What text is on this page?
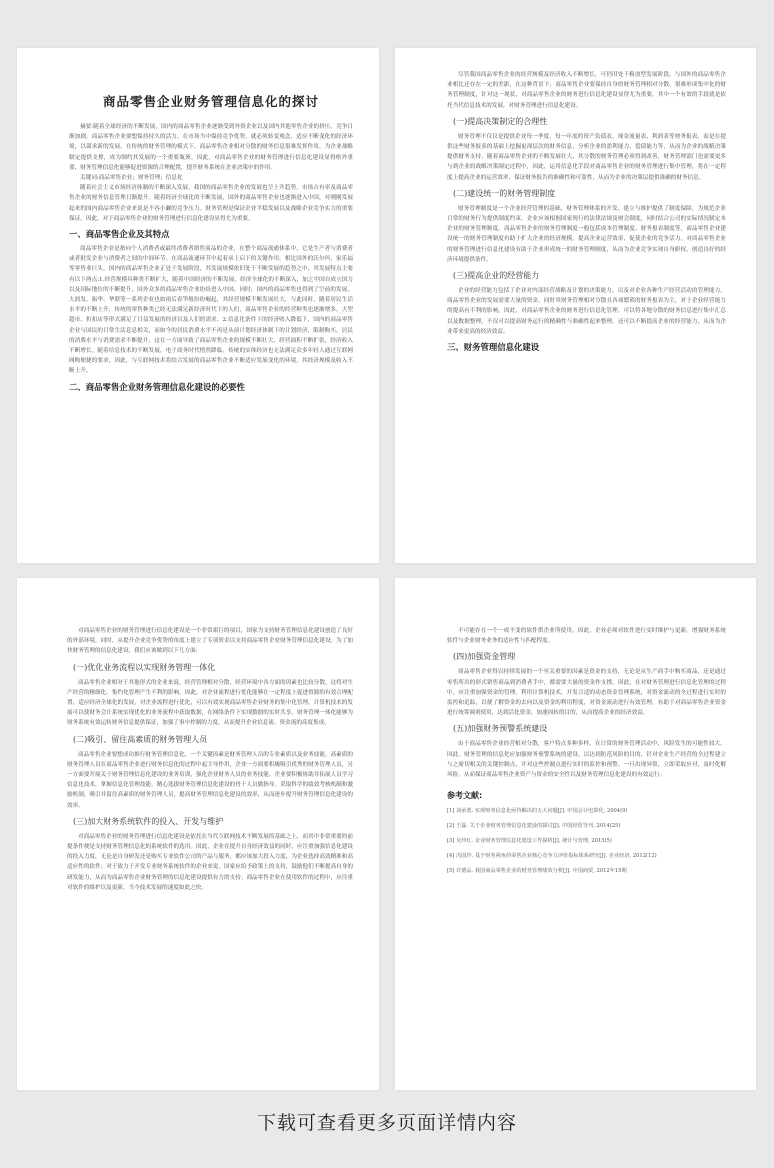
商品零售企业财务管理信息化的探讨

摘要:随着全球经济的不断发展，国内的商品零售企业逐渐受到外资企业以及国内其他零售企业的挤压，竞争日渐加剧。商品零售企业要想保持持久的活力，在市场当中保持竞争优势，就必须转变观念，适应不断变化的经济环境，以谋求新的发展。在传统的财务管理的模式下，商品零售企业相对分散的财务信息很难发挥作用，为企业战略制定提供支撑，成为制约其发展的一个重要瓶颈。因此，对商品零售企业的财务管理进行信息化建设显得格外重要，财务管理信息化能够促进资源的合理配置，提升财务系统在企业决策中的作用。

关键词:商品零售企业；财务管理；信息化

随着社会主义市场经济体制的不断深入发展，我国的商品零售企业的发展也呈上升趋势，市场占有率及商品零售企业的财务信息管理日渐提升。随着经济全球化的不断发展，国外的商品零售企业也逐渐进入中国，对刚刚发展起来的国内商品零售企业来说是不容小觑的竞争压力。财务管理是保证企业平稳发展以及战略企业竞争实力的重要保证，因此，对于商品零售企业的财务管理进行信息化建设显得尤为重要。

一、商品零售企业及其特点

商品零售企业是指向个人消费者或最终消费者销售商品的企业，在整个商品流通体系中，它是生产者与消费者或者批发企业与消费者之间的中间环节。在商品流通环节中起着承上启下的关键作用。相比国外的沃尔玛、家乐福等零售业巨头，国内的商品零售企业正处于发展阶段，其发展规模依旧处于不断发展的趋势之中，其发展特点主要有以下两点:1.经营规模具种类不断扩大，随着中国经济的不断发展，经济全球化的不断深入，加之中国自成立国力以及国际地位的不断提升，国外众多的商品零售企业纷纷进入中国，同时，国内的商品零售也得到了空前的发展，大润发、振华、华联等一系列企业也如雨后春笋般纷纷崛起，其经营规模不断发展壮大，与此同时，随着居民生活水平的不断上升，传统的零售种类已经无法满足新经济时代下的人们，商品零售企业的经营种类也逐渐增多，大型超市、折扣店等形式满足了日益发展的经济以及人们的需求。2.信息化条件下的经济收入降低下，国内的商品零售企业与国民的日常生活息息相关，而如今的居民消费水平不再是从前计划经济体制下的计划经济，限制购买，居民的消费水平与消费需求不断提升，这在一方面导致了商品零售企业的规模不断壮大，经营面积不断扩张，经济收入不断增长。随着信息技术的不断发展，电子商务时代悄然降临，传统的实体经济也无法满足众多年轻人通过互联网网购便捷的要求，因此，与互联网技术将结合发展的商品零售企业不断适应发展变化的环境，其经济规模及收入不断上升。

二、商品零售企业财务管理信息化建设的必要性

尽管我国商品零售企业的经营规模及经济收入不断增长，可仍旧处于粗放型发展阶段，与国外的商品零售企业相比还存在一定的差距，在这种背景下，商品零售企业要保持自身的财务管理相对分散，很难形成集中化的财务管理制度，针对这一现状，对商品零售企业的财务进行信息化建设显得尤为重要，其中一个有效的手段就是依托当代信息技术的发展，对财务管理进行信息化建设。

(一)提高决策制定的合理性

财务管理不仅仅是提供企业每一季度、每一年度的资产负债表、现金流量表、利润表等财务报表，而是在提供这些财务报表的基础上挖掘更深层次的财务信息，分析企业的盈利能力、偿债能力等，从而为企业的战略决策提供财务支持。随着商品零售企业的不断发展壮大，其分散的财务管理必须得到改善，财务管理部门也需要更多与到企业的战略决策制定过程中，因此，运用信息化手段对商品零售企业的财务管理进行集中管理，将在一定程度上提高企业的运营效率，保证财务报告的准确性和可靠性，从而为企业的决策层提供准确的财务信息。

(二)建设统一的财务管理制度

财务管理制度是一个企业经营管理的基础，财务管理体系的开发、建立与维护提供了制度保障，为规范企业日常的财务行为提供制度约束。企业应该根据国家现行的法律法规及财会制度，同时结合公司的实际情况制定本企业的财务管理制度。商品零售企业的财务管理制度一般包括成本管理制度、财务报表制度等，商品零售企业建设统一的财务管理制度有助于扩大企业的经济规模，提高企业运营效率，促使企业的竞争活力。对商品零售企业的财务管理进行信息化建设有助于企业形成统一的财务管理制度，从而为企业竞争实现自身职权，创造良好的经济环境提供条件。

(三)提高企业的经营能力

企业的经营能力包括了企业对内部经营战略及计划的决策能力，以及对企业各种生产经营活动的管理能力，商品零售企业的发展需要大量的资金，同时其财务管理相对分散且各项繁琐的财务报表为主，对于企业经营能力的提高有不利的影响。因此，对商品零售企业的财务进行信息化管理，可以将各地分散的财务信息进行集中汇总以及数据整理，不仅可以提高财务运行的精确性与准确性起来整理，还可以不断提高企业的经营能力，从而为企业带来更高的经济效益。

三、财务管理信息化建设

对商品零售企业的财务管理进行信息化建设是一个非常艰巨的项目，国家为支持财务管理信息化建设创造了良好的外部环境，同时，从提升企业竞争优势的角度上建立了专项资金以支持商品零售企业财务管理信息化建设，为了加快财务管理的信息化建设，我们应该做到以下几方面:

(一)优化业务流程以实现财务管理一体化

商品零售企业相对于其他形式的企业来说，经营管理相对分散，经营环境中各方面的因素也比较分散，这将对生产经营的精细化、集约化管理产生不利的影响。因此，对企业流程进行优化能够在一定程度上促进资源的有效合理配置，适应经济全球化的发展，对企业流程进行优化，可以有效实现商品零售企业财务的集中化管理，计算机技术的发展可以使财务会计系统实现优化的业务流程中获取数据，在网络条件下实现数据的实时共享，财务管理一体化能够为财务系统有效运转财务信息提供保证，加强了事中控制的力度，从而提升企业信息流、资金流的高度集成。

(二)吸引、留住高素质的财务管理人员

商品零售企业要想成功推行财务管理信息化，一个关键因素是财务管理人员的专业素质以及业务技能。高素质的财务管理人员在商品零售企业进行财务信息化的过程中起主导作用，企业一方面要积极吸引优秀的财务管理人员，另一方面要开展关于财务管理信息化建设的业务培训，强化企业财务人员的业务技能。企业要积极协助并拓展人员学习信息化技术，掌握信息化管理技能，精心选拔财务管理信息化建设的骨干人员做指导。采取科学的绩效考核机制和激励机制，吸引并留住高素质的财务管理人员，提高财务管理信息化建设的效率，从而逐步提升财务管理信息化建设的效率。

(三)加大财务系统软件的投入、开发与维护

对商品零售企业的财务管理进行信息化建设是依托在当代互联网技术不断发展的基础之上，而其中非常重要的前提条件便是支持财务管理信息化的系统软件的选用。因此，企业在提升自身经济效益的同时，应注重加强信息化建设的投入力度，无论是自身研发还是购买专业软件公司的产品与服务，都应该加大投入力度，为企业选择高效精准和高适应性的软件；对于致力于开发专业财务系统软件的企业来说，国家应给予政策上的支持，鼓励他们不断提高自身的研发能力，从而为商品零售企业财务管理的信息化建设提供有力的支持；商品零售企业在使用软件的过程中，应注重对软件的维护以及更新，当今技术发展的速度如此之快，

不可能存在一个一成不变的软件供企业所使用，因此，企业必须对软件进行实时维护与更新，增强财务系统软件与企业财务业务的适应性与匹配程度。

(四)加强资金管理

商品零售企业得以持续发展的一个至关重要的因素是资金的支持，无论是从生产商手中购买商品，还是通过零售所出的形式销售商品到消费者手中，都需要大量的资金作支撑。因此，在对财务管理进行信息化管理的过程中，应注重加强资金的管理，利用计算机技术，开发合适的动态资金管理系统，对资金流动的全过程进行实时的监控和追踪，以便了解资金的去向以及资金的利用程度，对资金流动进行有效管理，有助于对商品零售企业资金进行统筹调剂使用，达到活化资金，加速周转的目的，从而提高企业的经济效益。

(五)加强财务预警系统建设

由于商品零售企业经营相对分散，客户特点多种多样，在日常的财务管理活动中，风险发生的可能性较大。因此，财务管理的信息化应加强财务预警系统的建设，以达到防范风险的目的，针对企业生产经营的全过程建立与之密切相关的关键控制点，并对这些控制点进行实时的监控和预警，一旦出现异常，立即采取应对，及时化解风险，从而保证商品零售企业资产与资金的安全性以及财务管理信息化建设的有效运行。

参考文献:
[1] 刘承勇. 实现财务信息化亟待解决的五大问题[J]. 中国会计电算化, 2004(9)
[2] 王磊. 关于企业财务管理信息化建设的探讨[J]. 中国经贸导刊, 2014(25)
[3] 吴玲红. 企业财务管理信息化建设工作探析[J]. 统计与管理, 2015(5)
[4] 冯国玲. 基于财务视角的零售企业核心竞争力评价指标体系研究[J]. 企业经济, 2012(12)
[5] 许德品. 我国商品零售企业的财务管理绩效分析[J]. 中国商贸, 2012年15期
下载可查看更多页面详情内容
